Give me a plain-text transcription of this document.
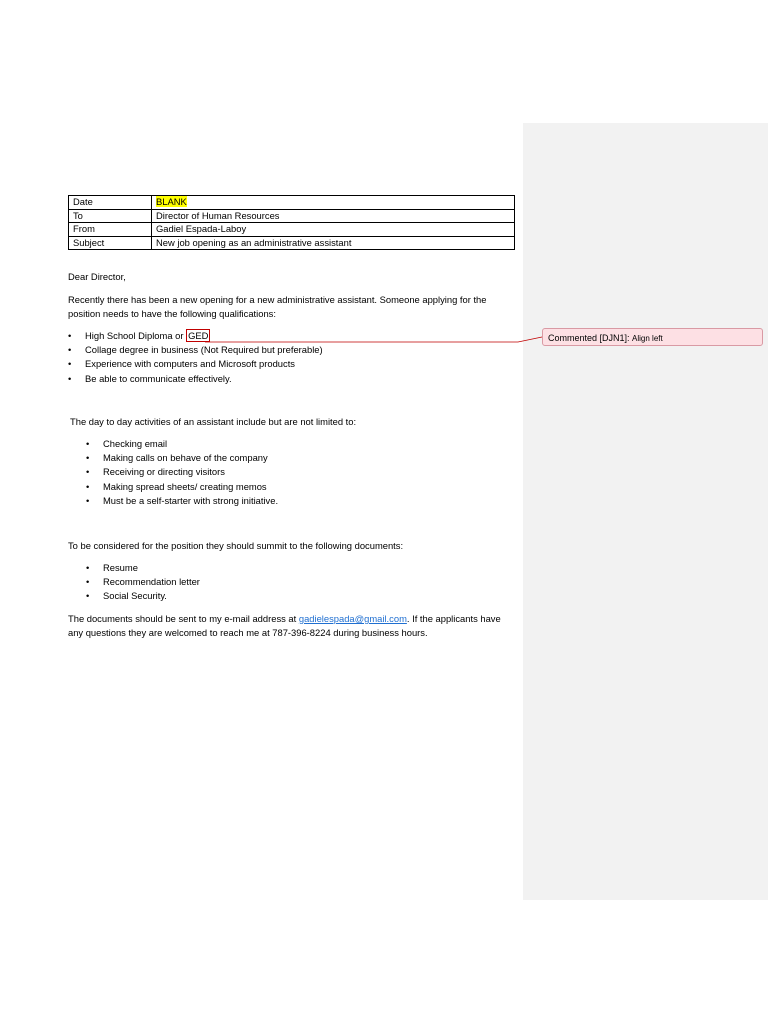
Date	BLANK
To	Director of Human Resources
From	Gadiel Espada-Laboy
Subject	New job opening as an administrative assistant

Dear Director,

Recently there has been a new opening for a new administrative assistant. Someone applying for the position needs to have the following qualifications:

• High School Diploma or GED
• Collage degree in business (Not Required but preferable)
• Experience with computers and Microsoft products
• Be able to communicate effectively.

The day to day activities of an assistant include but are not limited to:

• Checking email
• Making calls on behave of the company
• Receiving or directing visitors
• Making spread sheets/ creating memos
• Must be a self-starter with strong initiative.

To be considered for the position they should summit to the following documents:

• Resume
• Recommendation letter
• Social Security.

The documents should be sent to my e-mail address at gadielespada@gmail.com. If the applicants have any questions they are welcomed to reach me at 787-396-8224 during business hours.

Commented [DJN1]: Align left
